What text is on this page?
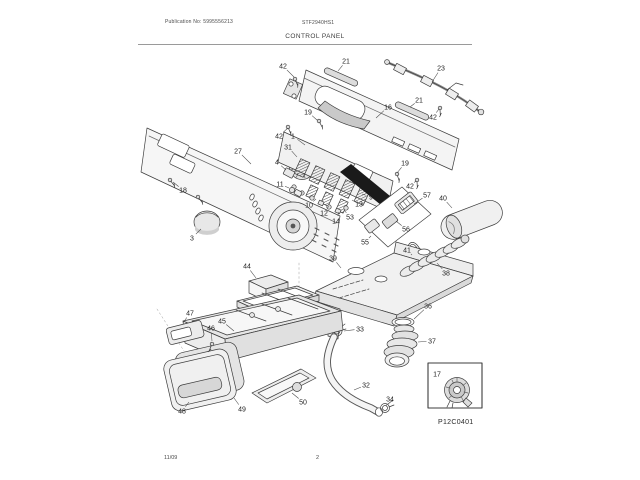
Publication No: 5995556213	STF2940HS1
CONTROL PANEL
P12C0401
42
21
23
19
16
21
42
42
27
31
4
1
19
42
18
11
10
12
14
53
13
9
3
57
56
55
40
41
39
38
36
37
33
32
34
44
47
46
45
48	49
50
17
11/09	2
